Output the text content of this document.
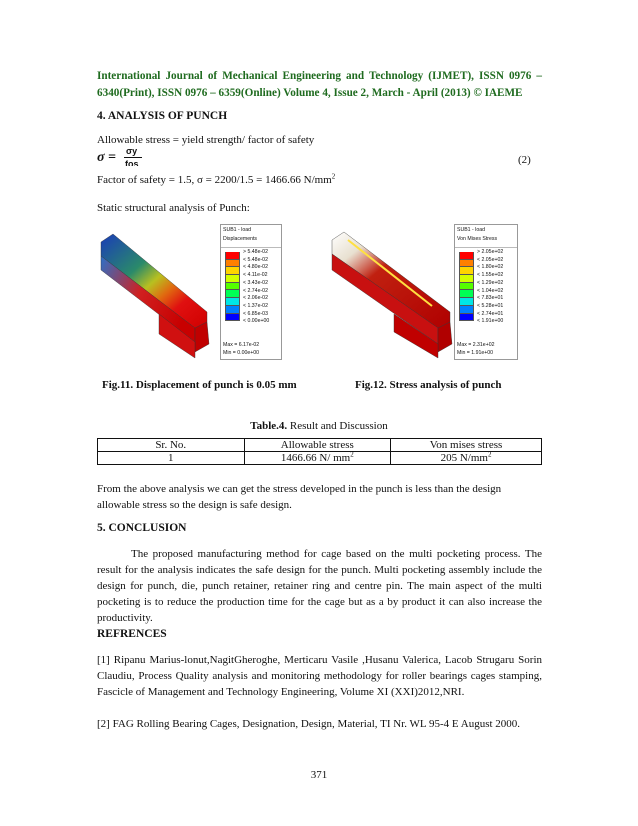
International Journal of Mechanical Engineering and Technology (IJMET), ISSN 0976 – 6340(Print), ISSN 0976 – 6359(Online) Volume 4, Issue 2, March - April (2013) © IAEME
4. ANALYSIS OF PUNCH
Allowable stress = yield strength/ factor of safety
σ = σy
fos	(2)
Factor of safety = 1.5, σ = 2200/1.5 = 1466.66 $N/mm^2$
Static structural analysis of Punch:
SUB1 - load
Displacements
> 5.48e-02
< 5.48e-02
< 4.80e-02
< 4.11e-02
< 3.43e-02
< 2.74e-02
< 2.06e-02
< 1.37e-02
< 6.85e-03
< 0.00e+00
Max = 6.17e-02
Min = 0.00e+00
SUB1 - load
Von Mises Stress
> 2.05e+02
< 2.05e+02
< 1.80e+02
< 1.55e+02
< 1.29e+02
< 1.04e+02
< 7.83e+01
< 5.28e+01
< 2.74e+01
< 1.91e+00
Max = 2.31e+02
Min = 1.91e+00
Fig.11. Displacement of punch is 0.05 mm	Fig.12. Stress analysis of punch
Table.4. Result and Discussion
Sr. No.	Allowable stress	Von mises stress
1	1466.66 N/ $mm^2$	205 $N/mm^2$
From the above analysis we can get the stress developed in the punch is less than the design allowable stress so the design is safe design.
5. CONCLUSION
The proposed manufacturing method for cage based on the multi pocketing process. The result for the analysis indicates the safe design for the punch. Multi pocketing assembly include the design for punch, die, punch retainer, retainer ring and centre pin. The main aspect of the multi pocketing is to reduce the production time for the cage but as a by product it can also increase the productivity.
REFRENCES
[1] Ripanu Marius-lonut,NagitGheroghe, Merticaru Vasile ,Husanu Valerica, Lacob Strugaru Sorin Claudiu, Process Quality analysis and monitoring methodology for roller bearings cages stamping, Fascicle of Management and Technology Engineering, Volume XI (XXI)2012,NRI.
[2] FAG Rolling Bearing Cages, Designation, Design, Material, TI Nr. WL 95-4 E August 2000.
371
